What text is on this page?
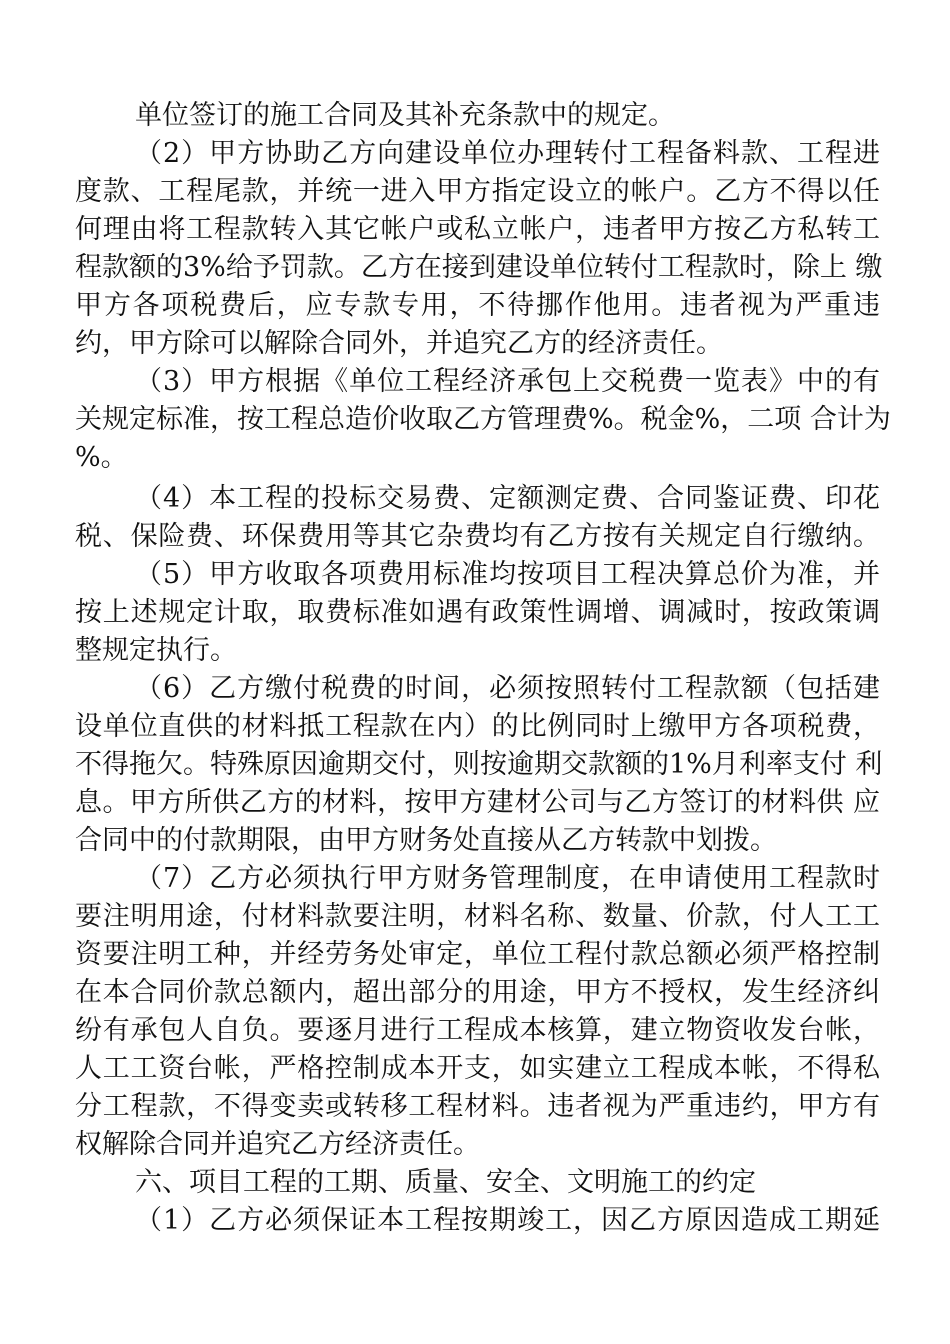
单位签订的施工合同及其补充条款中的规定。
（2）甲方协助乙方向建设单位办理转付工程备料款、工程进
度款、工程尾款，并统一进入甲方指定设立的帐户。乙方不得以任
何理由将工程款转入其它帐户或私立帐户，违者甲方按乙方私转工
程款额的3%给予罚款。乙方在接到建设单位转付工程款时，除上 缴
甲方各项税费后，应专款专用，不待挪作他用。违者视为严重违
约，甲方除可以解除合同外，并追究乙方的经济责任。
（3）甲方根据《单位工程经济承包上交税费一览表》中的有
关规定标准，按工程总造价收取乙方管理费%。税金%，二项 合计为
%。
（4）本工程的投标交易费、定额测定费、合同鉴证费、印花
税、保险费、环保费用等其它杂费均有乙方按有关规定自行缴纳。
（5）甲方收取各项费用标准均按项目工程决算总价为准，并
按上述规定计取，取费标准如遇有政策性调增、调减时，按政策调
整规定执行。
（6）乙方缴付税费的时间，必须按照转付工程款额（包括建
设单位直供的材料抵工程款在内）的比例同时上缴甲方各项税费，
不得拖欠。特殊原因逾期交付，则按逾期交款额的1%月利率支付 利
息。甲方所供乙方的材料，按甲方建材公司与乙方签订的材料供 应
合同中的付款期限，由甲方财务处直接从乙方转款中划拨。
（7）乙方必须执行甲方财务管理制度，在申请使用工程款时
要注明用途，付材料款要注明，材料名称、数量、价款，付人工工
资要注明工种，并经劳务处审定，单位工程付款总额必须严格控制
在本合同价款总额内，超出部分的用途，甲方不授权，发生经济纠
纷有承包人自负。要逐月进行工程成本核算，建立物资收发台帐，
人工工资台帐，严格控制成本开支，如实建立工程成本帐，不得私
分工程款，不得变卖或转移工程材料。违者视为严重违约，甲方有
权解除合同并追究乙方经济责任。
六、项目工程的工期、质量、安全、文明施工的约定
（1）乙方必须保证本工程按期竣工，因乙方原因造成工期延
